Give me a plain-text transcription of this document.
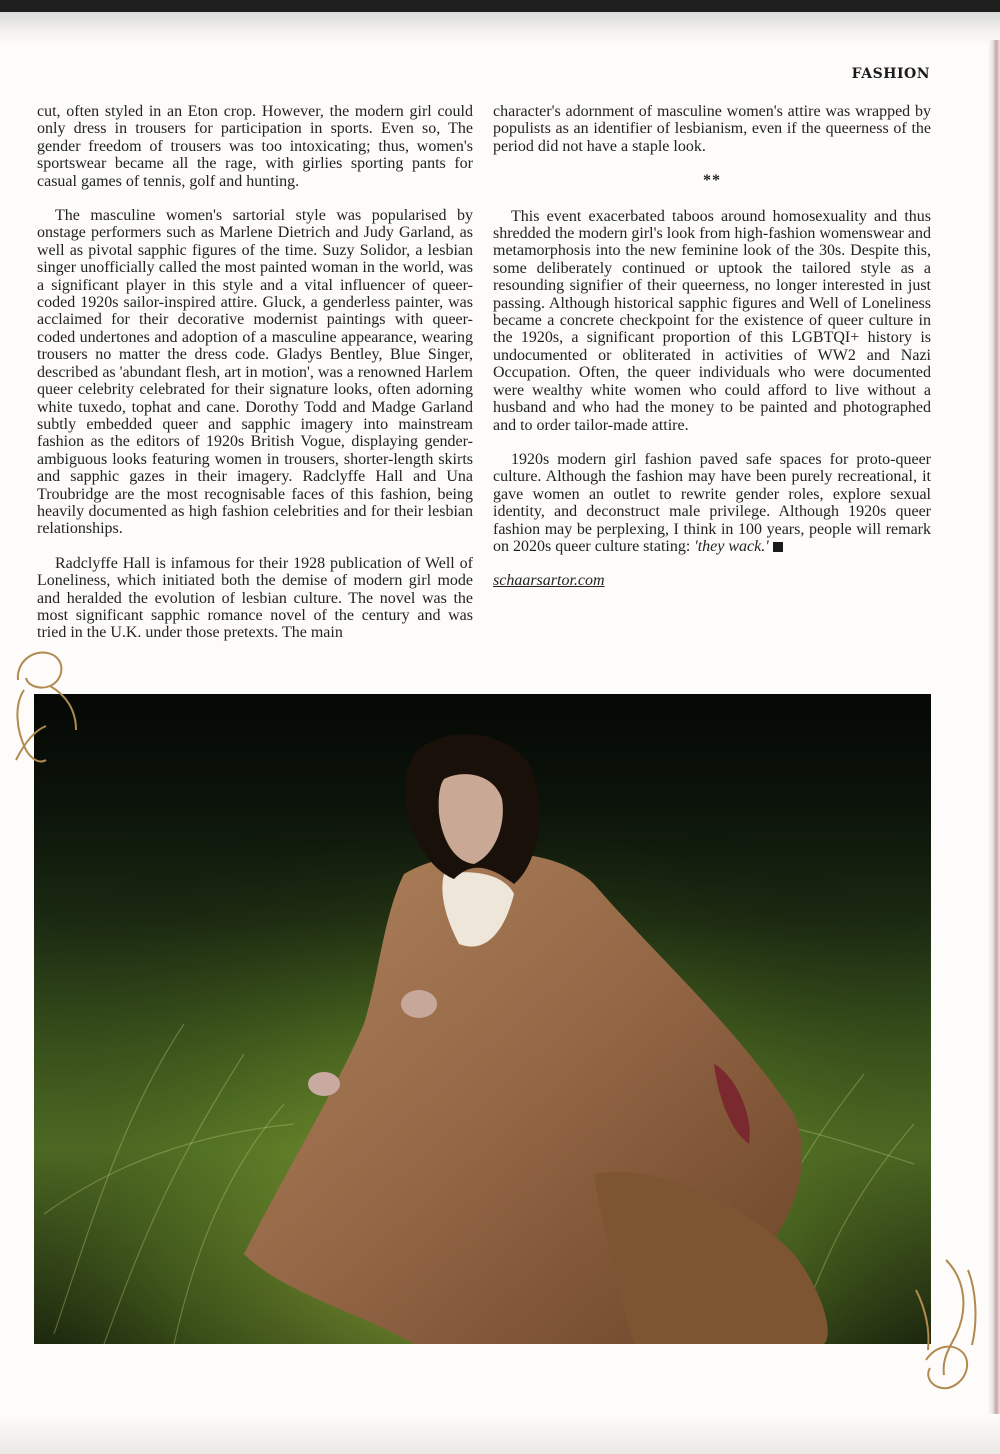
FASHION

cut, often styled in an Eton crop. However, the modern girl could only dress in trousers for participation in sports. Even so, The gender freedom of trousers was too intoxicating; thus, women's sportswear became all the rage, with girlies sporting pants for casual games of tennis, golf and hunting.

The masculine women's sartorial style was popularised by onstage performers such as Marlene Dietrich and Judy Garland, as well as pivotal sapphic figures of the time. Suzy Solidor, a lesbian singer unofficially called the most painted woman in the world, was a significant player in this style and a vital influencer of queer-coded 1920s sailor-inspired attire. Gluck, a genderless painter, was acclaimed for their decorative modernist paintings with queer-coded undertones and adoption of a masculine appearance, wearing trousers no matter the dress code. Gladys Bentley, Blue Singer, described as 'abundant flesh, art in motion', was a renowned Harlem queer celebrity celebrated for their signature looks, often adorning white tuxedo, tophat and cane. Dorothy Todd and Madge Garland subtly embedded queer and sapphic imagery into mainstream fashion as the editors of 1920s British Vogue, displaying gender-ambiguous looks featuring women in trousers, shorter-length skirts and sapphic gazes in their imagery. Radclyffe Hall and Una Troubridge are the most recognisable faces of this fashion, being heavily documented as high fashion celebrities and for their lesbian relationships.

Radclyffe Hall is infamous for their 1928 publication of Well of Loneliness, which initiated both the demise of modern girl mode and heralded the evolution of lesbian culture. The novel was the most significant sapphic romance novel of the century and was tried in the U.K. under those pretexts. The main

character's adornment of masculine women's attire was wrapped by populists as an identifier of lesbianism, even if the queerness of the period did not have a staple look.

**

This event exacerbated taboos around homosexuality and thus shredded the modern girl's look from high-fashion womenswear and metamorphosis into the new feminine look of the 30s. Despite this, some deliberately continued or uptook the tailored style as a resounding signifier of their queerness, no longer interested in just passing. Although historical sapphic figures and Well of Loneliness became a concrete checkpoint for the existence of queer culture in the 1920s, a significant proportion of this LGBTQI+ history is undocumented or obliterated in activities of WW2 and Nazi Occupation. Often, the queer individuals who were documented were wealthy white women who could afford to live without a husband and who had the money to be painted and photographed and to order tailor-made attire.

1920s modern girl fashion paved safe spaces for proto-queer culture. Although the fashion may have been purely recreational, it gave women an outlet to rewrite gender roles, explore sexual identity, and deconstruct male privilege. Although 1920s queer fashion may be perplexing, I think in 100 years, people will remark on 2020s queer culture stating: 'they wack.'

schaarsartor.com
